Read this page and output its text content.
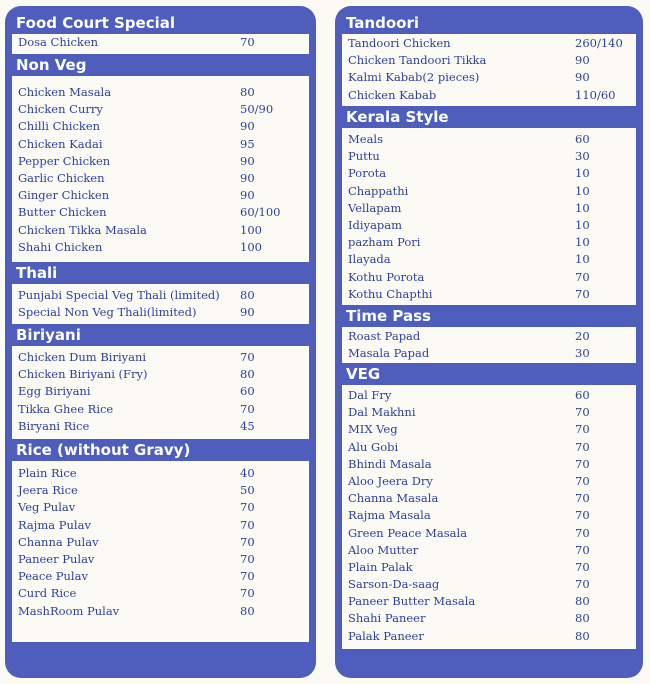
Food Court Special
Dosa Chicken	70
Non Veg
Chicken Masala	80
Chicken Curry	50/90
Chilli Chicken	90
Chicken Kadai	95
Pepper Chicken	90
Garlic Chicken	90
Ginger Chicken	90
Butter Chicken	60/100
Chicken Tikka Masala	100
Shahi Chicken	100
Thali
Punjabi Special Veg Thali (limited) 80
Special Non Veg Thali(limited)	90
Biriyani
Chicken Dum Biriyani	70
Chicken Biriyani (Fry)	80
Egg Biriyani	60
Tikka Ghee Rice	70
Biryani Rice	45
Rice (without Gravy)
Plain Rice	40
Jeera Rice	50
Veg Pulav	70
Rajma Pulav	70
Channa Pulav	70
Paneer Pulav	70
Peace Pulav	70
Curd Rice	70
MashRoom Pulav	80
Tandoori
Tandoori Chicken	260/140
Chicken Tandoori Tikka	90
Kalmi Kabab(2 pieces)	90
Chicken Kabab	110/60
Kerala Style
Meals	60
Puttu	30
Porota	10
Chappathi	10
Vellapam	10
Idiyapam	10
pazham Pori	10
Ilayada	10
Kothu Porota	70
Kothu Chapthi	70
Time Pass
Roast Papad	20
Masala Papad	30
VEG
Dal Fry	60
Dal Makhni	70
MIX Veg	70
Alu Gobi	70
Bhindi Masala	70
Aloo Jeera Dry	70
Channa Masala	70
Rajma Masala	70
Green Peace Masala	70
Aloo Mutter	70
Plain Palak	70
Sarson-Da-saag	70
Paneer Butter Masala	80
Shahi Paneer	80
Palak Paneer	80
